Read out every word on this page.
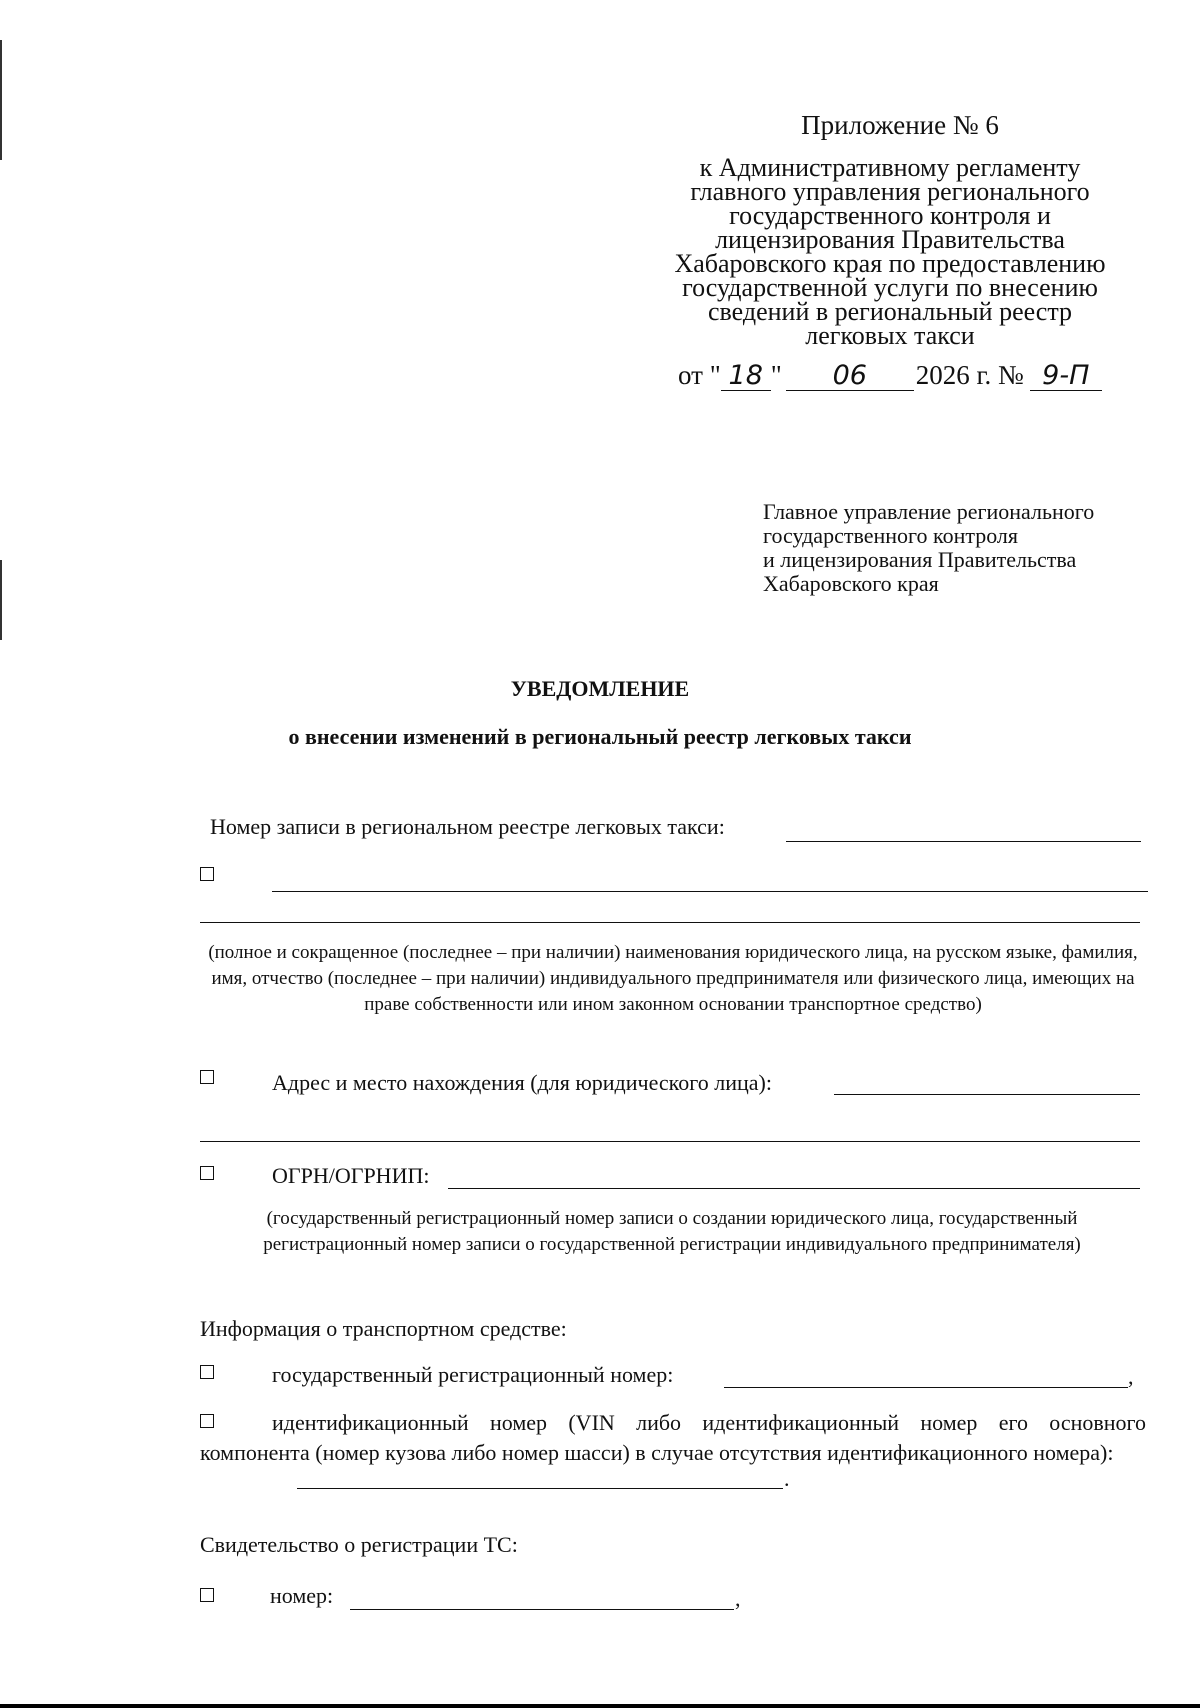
Приложение № 6
к Административному регламенту
главного управления регионального
государственного контроля и
лицензирования Правительства
Хабаровского края по предоставлению
государственной услуги по внесению
сведений в региональный реестр
легковых такси
от " 18 " 06 2026 г. № 9-П
Главное управление регионального
государственного контроля
и лицензирования Правительства
Хабаровского края
УВЕДОМЛЕНИЕ
о внесении изменений в региональный реестр легковых такси
Номер записи в региональном реестре легковых такси:
(полное и сокращенное (последнее – при наличии) наименования юридического лица, на русском языке, фамилия, имя, отчество (последнее – при наличии) индивидуального предпринимателя или физического лица, имеющих на праве собственности или ином законном основании транспортное средство)
Адрес и место нахождения (для юридического лица):
ОГРН/ОГРНИП:
(государственный регистрационный номер записи о создании юридического лица, государственный регистрационный номер записи о государственной регистрации индивидуального предпринимателя)
Информация о транспортном средстве:
государственный регистрационный номер:	,
идентификационный номер (VIN либо идентификационный номер его основного компонента (номер кузова либо номер шасси) в случае отсутствия идентификационного номера):
.
Свидетельство о регистрации ТС:
номер:	,
